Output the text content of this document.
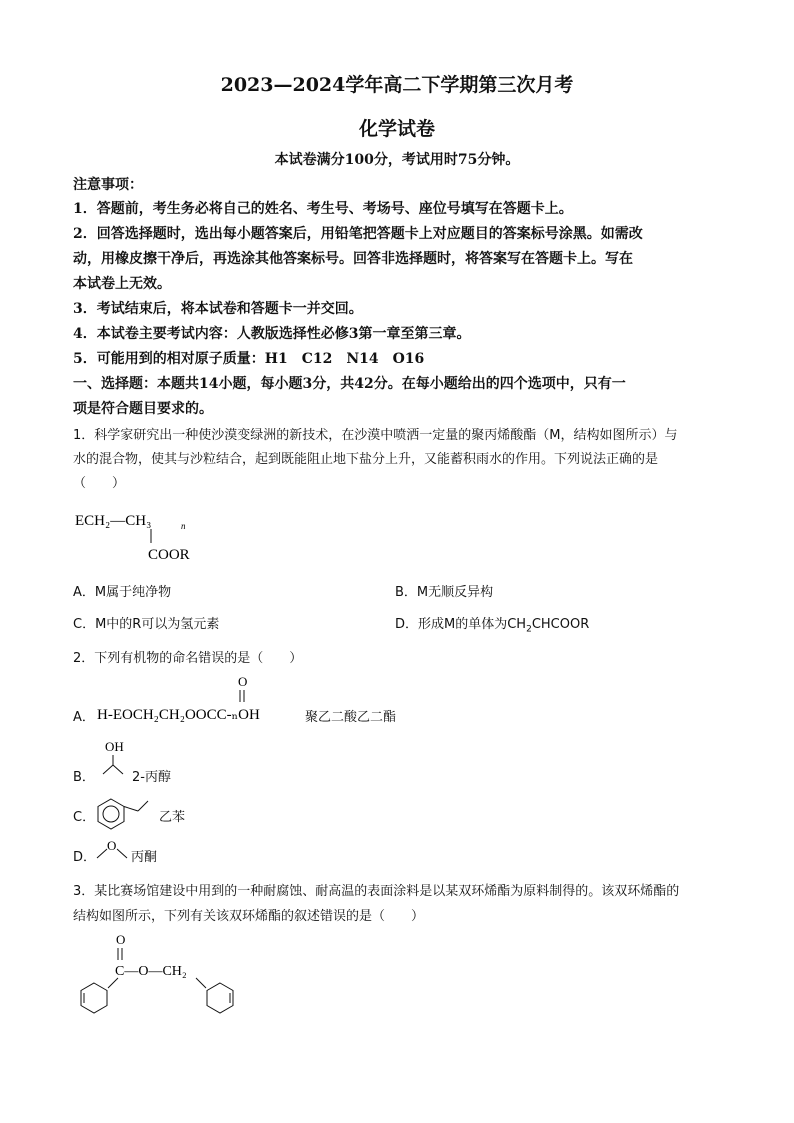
2023—2024学年高二下学期第三次月考
化学试卷
本试卷满分100分，考试用时75分钟。
注意事项：
1．答题前，考生务必将自己的姓名、考生号、考场号、座位号填写在答题卡上。
2．回答选择题时，选出每小题答案后，用铅笔把答题卡上对应题目的答案标号涂黑。如需改
动，用橡皮擦干净后，再选涂其他答案标号。回答非选择题时，将答案写在答题卡上。写在
本试卷上无效。
3．考试结束后，将本试卷和答题卡一并交回。
4．本试卷主要考试内容：人教版选择性必修3第一章至第三章。
5．可能用到的相对原子质量：H1　C12　N14　O16
一、选择题：本题共14小题，每小题3分，共42分。在每小题给出的四个选项中，只有一
项是符合题目要求的。
1．科学家研究出一种使沙漠变绿洲的新技术，在沙漠中喷洒一定量的聚丙烯酸酯（M，结构如图所示）与
水的混合物，使其与沙粒结合，起到既能阻止地下盐分上升，又能蓄积雨水的作用。下列说法正确的是
（　　）
ECH₂—CH₃	n
COOR
A．M属于纯净物	B．M无顺反异构
C．M中的R可以为氢元素	D．形成M的单体为$CH_2CHCOOR$
2．下列有机物的命名错误的是（　　）
A．
O
H-EOCH₂CH₂OOCC-ₙOH	聚乙二酸乙二酯
B．
OH
2-丙醇
C．	乙苯
D．
O
丙酮
3．某比赛场馆建设中用到的一种耐腐蚀、耐高温的表面涂料是以某双环烯酯为原料制得的。该双环烯酯的
结构如图所示，下列有关该双环烯酯的叙述错误的是（　　）
O
C—O—CH₂
